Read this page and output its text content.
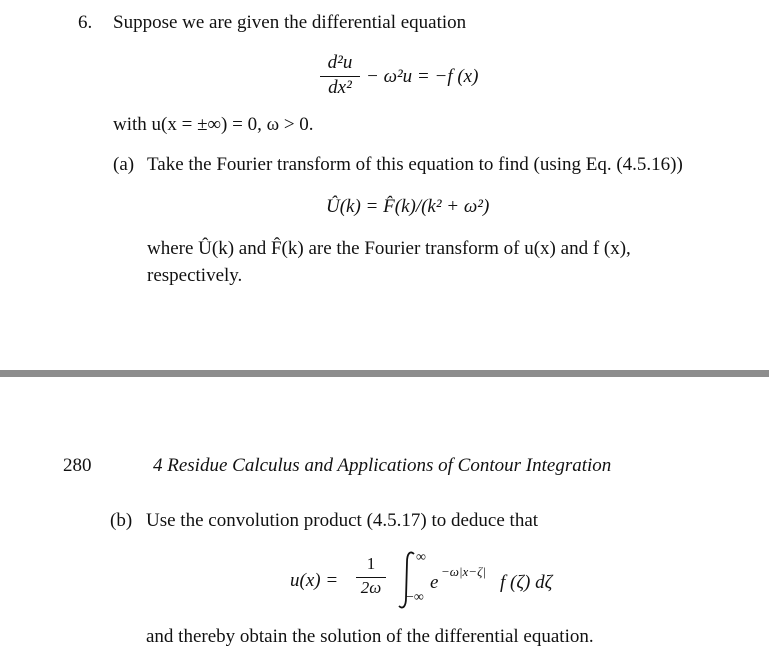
6. Suppose we are given the differential equation
d²u
dx²
− ω²u = −f (x)
with u(x = ±∞) = 0, ω > 0.
(a) Take the Fourier transform of this equation to find (using Eq. (4.5.16))
Û(k) = F̂(k)/(k² + ω²)
where Û(k) and F̂(k) are the Fourier transform of u(x) and f (x),
respectively.
280	4 Residue Calculus and Applications of Contour Integration
(b) Use the convolution product (4.5.17) to deduce that
u(x) =
1
2ω
∞
−∞
e
−ω|x−ζ|
f (ζ) dζ
and thereby obtain the solution of the differential equation.
